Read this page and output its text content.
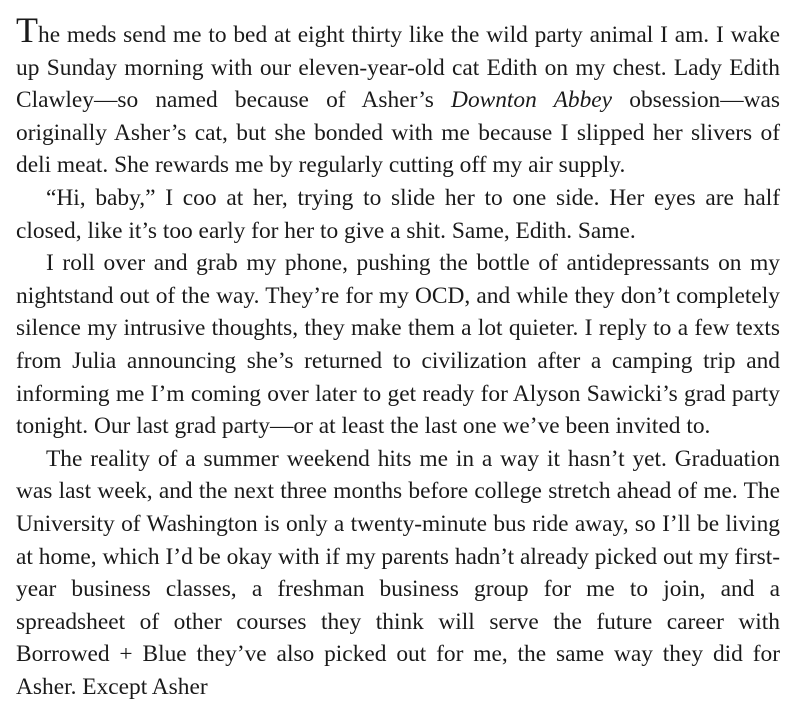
The meds send me to bed at eight thirty like the wild party animal I am. I wake up Sunday morning with our eleven-year-old cat Edith on my chest. Lady Edith Clawley—so named because of Asher’s Downton Abbey obsession—was originally Asher’s cat, but she bonded with me because I slipped her slivers of deli meat. She rewards me by regularly cutting off my air supply.

“Hi, baby,” I coo at her, trying to slide her to one side. Her eyes are half closed, like it’s too early for her to give a shit. Same, Edith. Same.

I roll over and grab my phone, pushing the bottle of antidepressants on my nightstand out of the way. They’re for my OCD, and while they don’t completely silence my intrusive thoughts, they make them a lot quieter. I reply to a few texts from Julia announcing she’s returned to civilization after a camping trip and informing me I’m coming over later to get ready for Alyson Sawicki’s grad party tonight. Our last grad party—or at least the last one we’ve been invited to.

The reality of a summer weekend hits me in a way it hasn’t yet. Graduation was last week, and the next three months before college stretch ahead of me. The University of Washington is only a twenty-minute bus ride away, so I’ll be living at home, which I’d be okay with if my parents hadn’t already picked out my first-year business classes, a freshman business group for me to join, and a spreadsheet of other courses they think will serve the future career with Borrowed + Blue they’ve also picked out for me, the same way they did for Asher. Except Asher
